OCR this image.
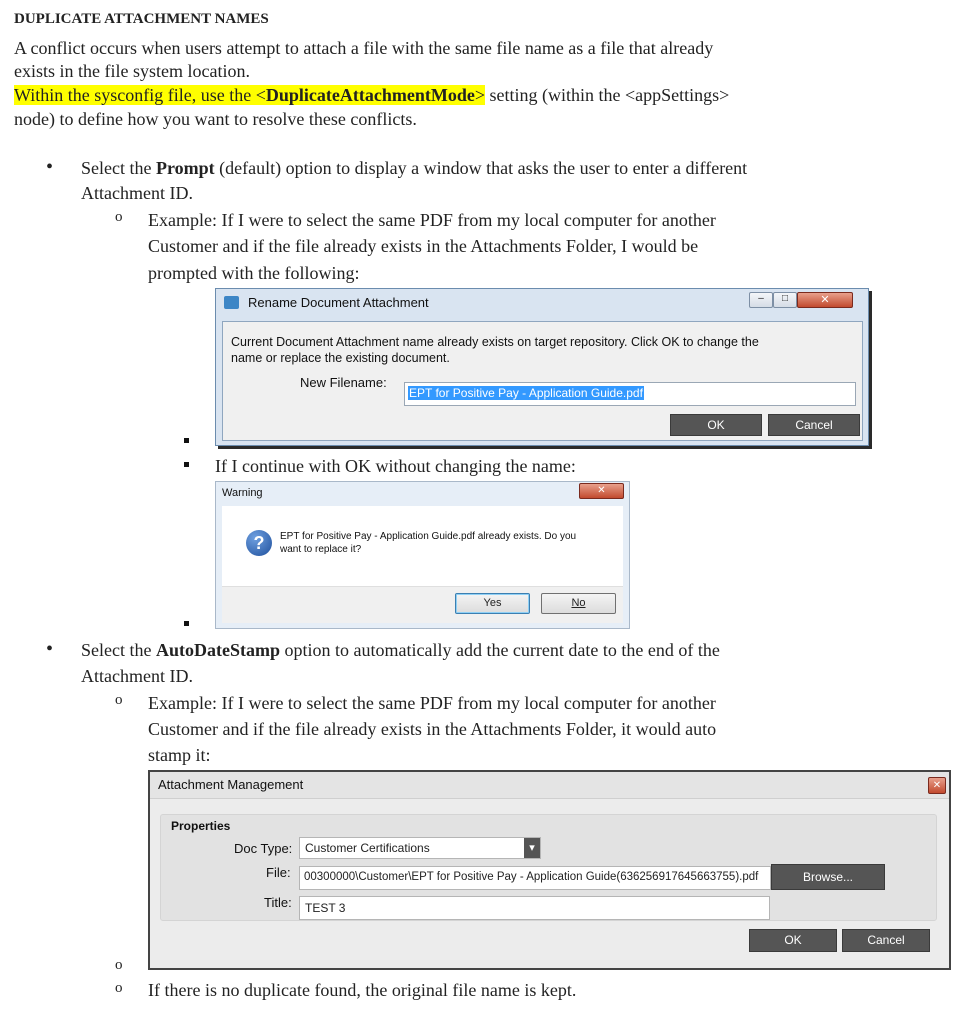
DUPLICATE ATTACHMENT NAMES
A conflict occurs when users attempt to attach a file with the same file name as a file that already
exists in the file system location.
Within the sysconfig file, use the <DuplicateAttachmentMode> setting (within the <appSettings>
node) to define how you want to resolve these conflicts.
• Select the Prompt (default) option to display a window that asks the user to enter a different
Attachment ID.
o Example: If I were to select the same PDF from my local computer for another
Customer and if the file already exists in the Attachments Folder, I would be
prompted with the following:
Rename Document Attachment	–	□	✕
Current Document Attachment name already exists on target repository. Click OK to change the
name or replace the existing document.
New Filename:
EPT for Positive Pay - Application Guide.pdf
OK	Cancel
If I continue with OK without changing the name:
Warning	✕
?	EPT for Positive Pay - Application Guide.pdf already exists. Do you
want to replace it?
Yes	No
• Select the AutoDateStamp option to automatically add the current date to the end of the
Attachment ID.
o Example: If I were to select the same PDF from my local computer for another
Customer and if the file already exists in the Attachments Folder, it would auto
stamp it:
Attachment Management	✕
Properties
Doc Type: Customer Certifications	▾
File: 00300000\Customer\EPT for Positive Pay - Application Guide(636256917645663755).pdf	Browse...
Title: TEST 3
OK	Cancel
o
o If there is no duplicate found, the original file name is kept.
